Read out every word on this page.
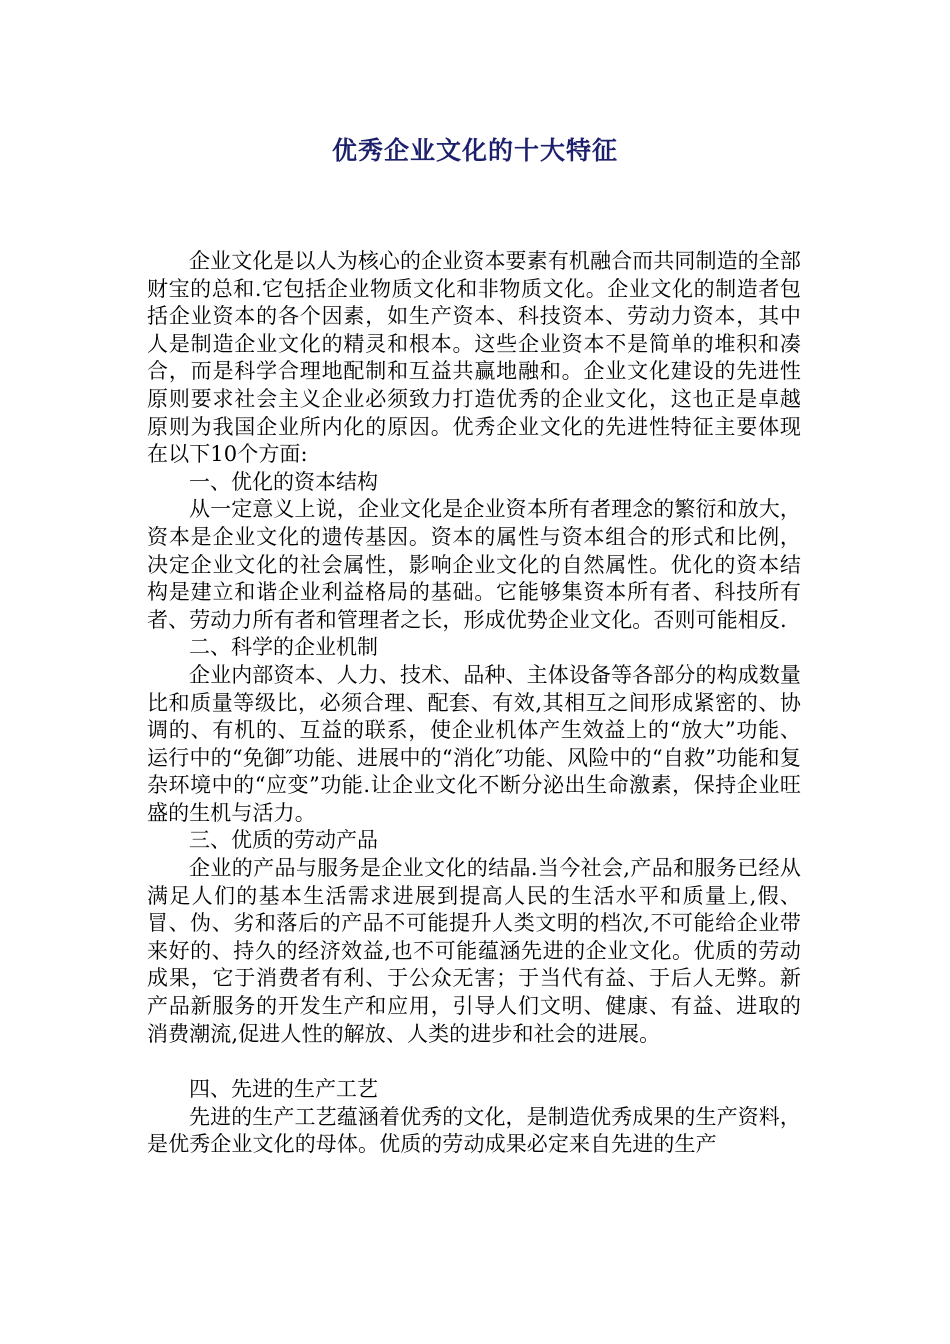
优秀企业文化的十大特征

企业文化是以人为核心的企业资本要素有机融合而共同制造的全部财宝的总和.它包括企业物质文化和非物质文化。企业文化的制造者包括企业资本的各个因素，如生产资本、科技资本、劳动力资本，其中人是制造企业文化的精灵和根本。这些企业资本不是简单的堆积和凑合，而是科学合理地配制和互益共赢地融和。企业文化建设的先进性原则要求社会主义企业必须致力打造优秀的企业文化，这也正是卓越原则为我国企业所内化的原因。优秀企业文化的先进性特征主要体现在以下10个方面:

一、优化的资本结构

从一定意义上说，企业文化是企业资本所有者理念的繁衍和放大，资本是企业文化的遗传基因。资本的属性与资本组合的形式和比例，决定企业文化的社会属性，影响企业文化的自然属性。优化的资本结构是建立和谐企业利益格局的基础。它能够集资本所有者、科技所有者、劳动力所有者和管理者之长，形成优势企业文化。否则可能相反.

二、科学的企业机制

企业内部资本、人力、技术、品种、主体设备等各部分的构成数量比和质量等级比，必须合理、配套、有效,其相互之间形成紧密的、协调的、有机的、互益的联系，使企业机体产生效益上的“放大”功能、运行中的“免御″功能、进展中的“消化″功能、风险中的“自救”功能和复杂环境中的“应变”功能.让企业文化不断分泌出生命激素，保持企业旺盛的生机与活力。

三、优质的劳动产品

企业的产品与服务是企业文化的结晶.当今社会,产品和服务已经从满足人们的基本生活需求进展到提高人民的生活水平和质量上,假、冒、伪、劣和落后的产品不可能提升人类文明的档次,不可能给企业带来好的、持久的经济效益,也不可能蕴涵先进的企业文化。优质的劳动成果，它于消费者有利、于公众无害；于当代有益、于后人无弊。新产品新服务的开发生产和应用，引导人们文明、健康、有益、进取的消费潮流,促进人性的解放、人类的进步和社会的进展。

四、先进的生产工艺

先进的生产工艺蕴涵着优秀的文化，是制造优秀成果的生产资料，是优秀企业文化的母体。优质的劳动成果必定来自先进的生产
